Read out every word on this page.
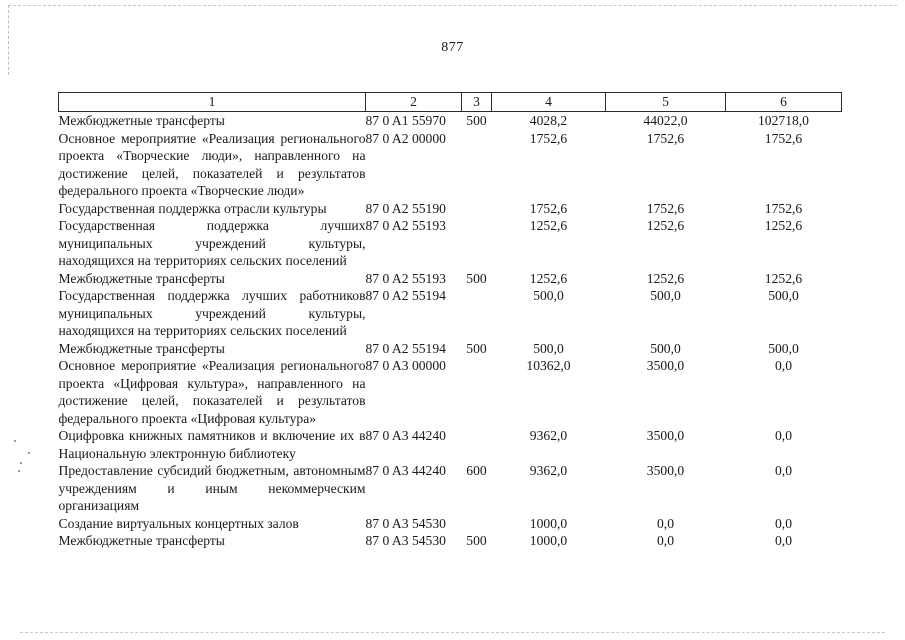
877
1	2	3	4	5	6
Межбюджетные трансферты	87 0 A1 55970	500	4028,2	44022,0	102718,0
Основное мероприятие «Реализация регионального проекта «Творческие люди», направленного на достижение целей, показателей и результатов федерального проекта «Творческие люди»	87 0 A2 00000		1752,6	1752,6	1752,6
Государственная поддержка отрасли культуры	87 0 A2 55190		1752,6	1752,6	1752,6
Государственная поддержка лучших муниципальных учреждений культуры, находящихся на территориях сельских поселений	87 0 A2 55193		1252,6	1252,6	1252,6
Межбюджетные трансферты	87 0 A2 55193	500	1252,6	1252,6	1252,6
Государственная поддержка лучших работников муниципальных учреждений культуры, находящихся на территориях сельских поселений	87 0 A2 55194		500,0	500,0	500,0
Межбюджетные трансферты	87 0 A2 55194	500	500,0	500,0	500,0
Основное мероприятие «Реализация регионального проекта «Цифровая культура», направленного на достижение целей, показателей и результатов федерального проекта «Цифровая культура»	87 0 A3 00000		10362,0	3500,0	0,0
Оцифровка книжных памятников и включение их в Национальную электронную библиотеку	87 0 A3 44240		9362,0	3500,0	0,0
Предоставление субсидий бюджетным, автономным учреждениям и иным некоммерческим организациям	87 0 A3 44240	600	9362,0	3500,0	0,0
Создание виртуальных концертных залов	87 0 A3 54530		1000,0	0,0	0,0
Межбюджетные трансферты	87 0 A3 54530	500	1000,0	0,0	0,0
